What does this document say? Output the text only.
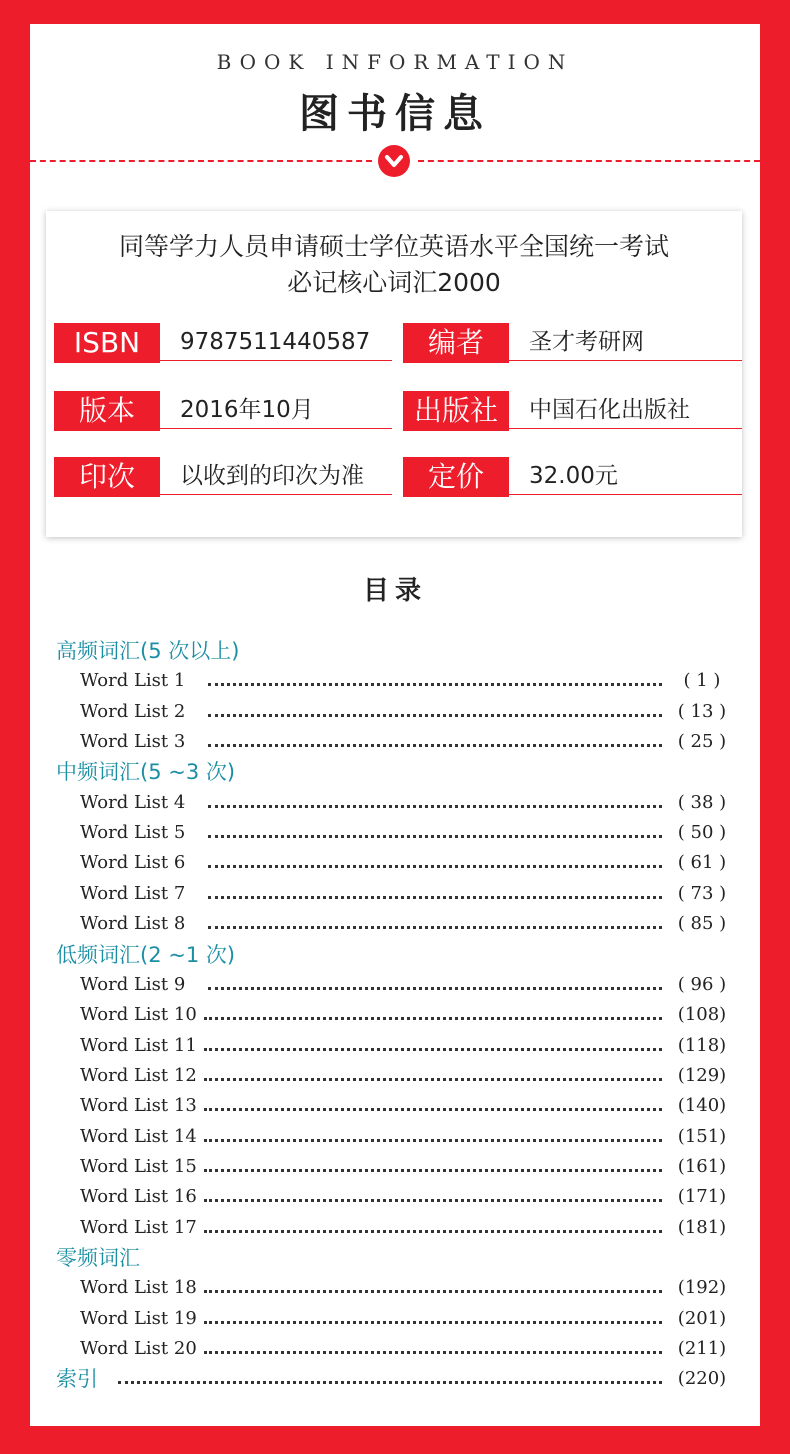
BOOK INFORMATION
图书信息
同等学力人员申请硕士学位英语水平全国统一考试
必记核心词汇2000
ISBN	9787511440587	编者	圣才考研网
版本	2016年10月	出版社	中国石化出版社
印次	以收到的印次为准	定价	32.00元
目录
高频词汇(5 次以上)
Word List 1	( 1 )
Word List 2	( 13 )
Word List 3	( 25 )
中频词汇(5 ~3 次)
Word List 4	( 38 )
Word List 5	( 50 )
Word List 6	( 61 )
Word List 7	( 73 )
Word List 8	( 85 )
低频词汇(2 ~1 次)
Word List 9	( 96 )
Word List 10	(108)
Word List 11	(118)
Word List 12	(129)
Word List 13	(140)
Word List 14	(151)
Word List 15	(161)
Word List 16	(171)
Word List 17	(181)
零频词汇
Word List 18	(192)
Word List 19	(201)
Word List 20	(211)
索引	(220)
